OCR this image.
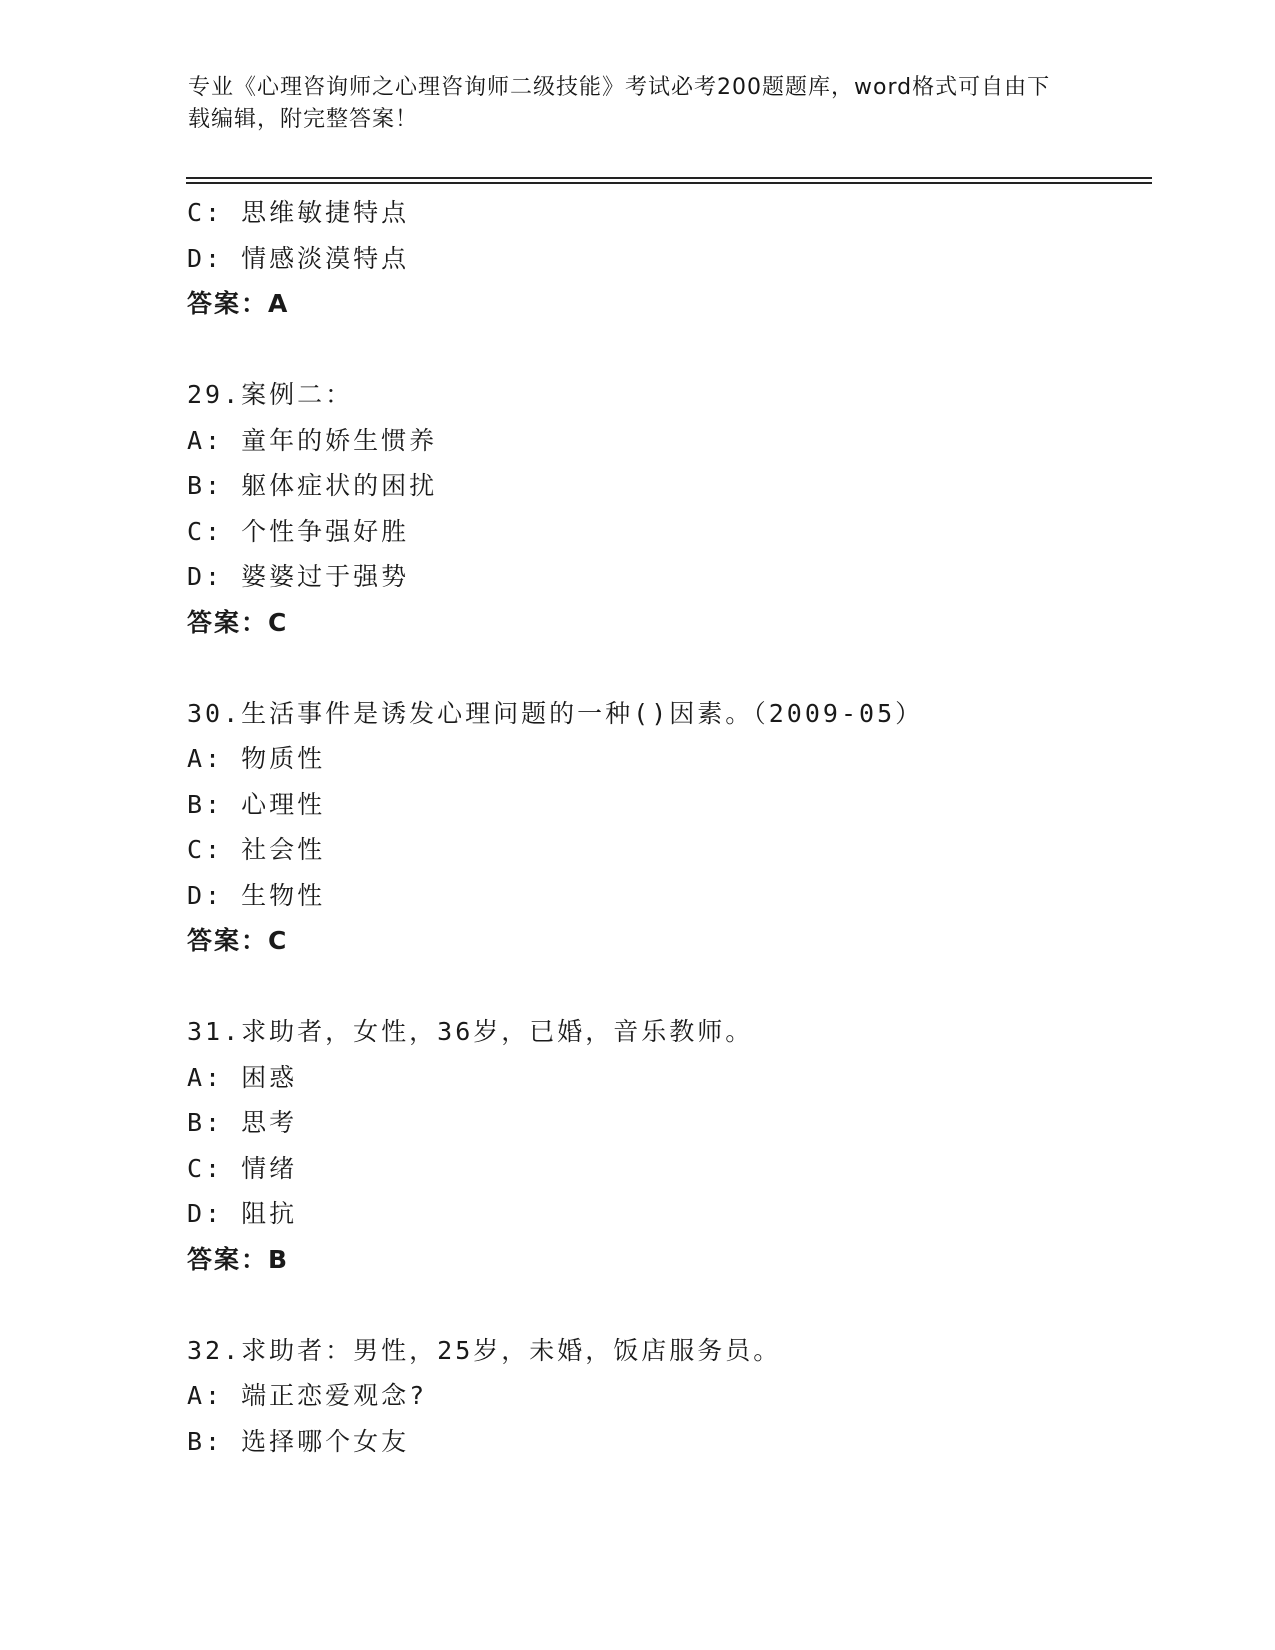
专业《心理咨询师之心理咨询师二级技能》考试必考200题题库，word格式可自由下载编辑，附完整答案！
C: 思维敏捷特点
D: 情感淡漠特点
答案：A
29.案例二：
A: 童年的娇生惯养
B: 躯体症状的困扰
C: 个性争强好胜
D: 婆婆过于强势
答案：C
30.生活事件是诱发心理问题的一种()因素。（2009-05）
A: 物质性
B: 心理性
C: 社会性
D: 生物性
答案：C
31.求助者，女性，36岁，已婚，音乐教师。
A: 困惑
B: 思考
C: 情绪
D: 阻抗
答案：B
32.求助者：男性，25岁，未婚，饭店服务员。
A: 端正恋爱观念?
B: 选择哪个女友
